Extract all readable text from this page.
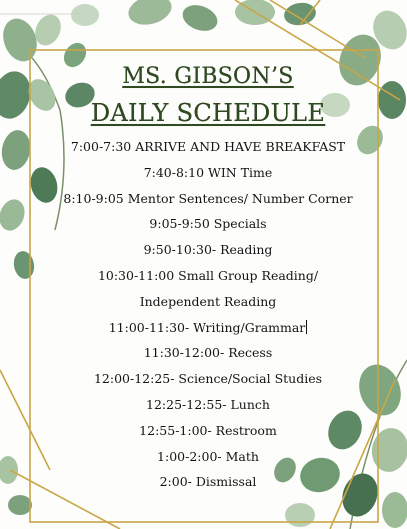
MS. GIBSON’S
DAILY SCHEDULE
7:00-7:30 ARRIVE AND HAVE BREAKFAST
7:40-8:10 WIN Time
8:10-9:05 Mentor Sentences/ Number Corner
9:05-9:50 Specials
9:50-10:30- Reading
10:30-11:00 Small Group Reading/
Independent Reading
11:00-11:30- Writing/Grammar
11:30-12:00- Recess
12:00-12:25- Science/Social Studies
12:25-12:55- Lunch
12:55-1:00- Restroom
1:00-2:00- Math
2:00- Dismissal
